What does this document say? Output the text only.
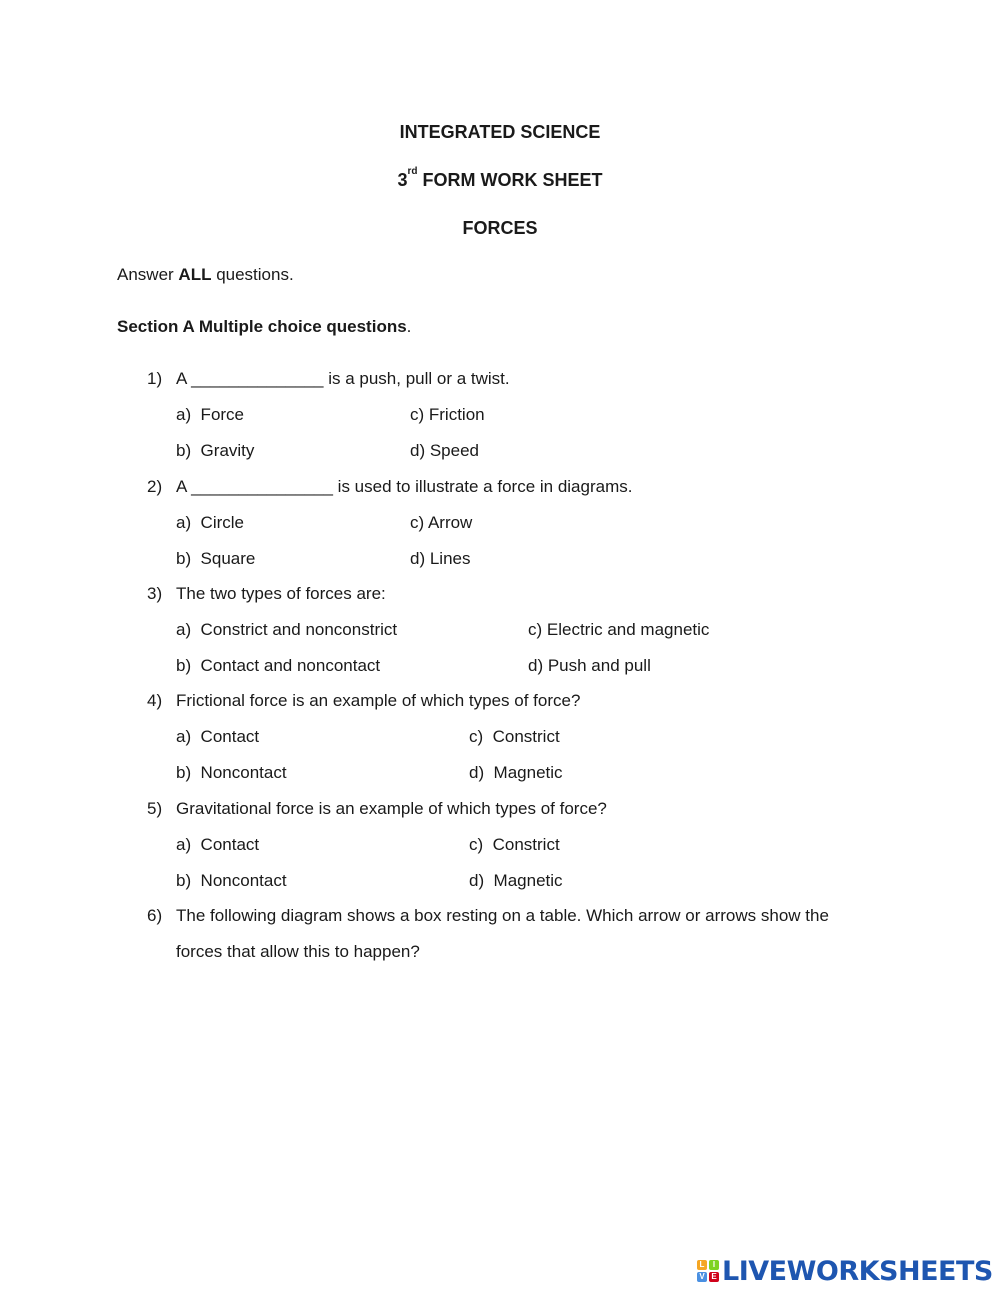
INTEGRATED SCIENCE
3rd FORM WORK SHEET
FORCES
Answer ALL questions.
Section A Multiple choice questions.
1) A ______________ is a push, pull or a twist.
a)  Force	c) Friction
b)  Gravity	d) Speed
2) A _______________ is used to illustrate a force in diagrams.
a)  Circle	c) Arrow
b)  Square	d) Lines
3) The two types of forces are:
a)  Constrict and nonconstrict	c) Electric and magnetic
b)  Contact and noncontact	d) Push and pull
4) Frictional force is an example of which types of force?
a)  Contact	c)  Constrict
b)  Noncontact	d)  Magnetic
5) Gravitational force is an example of which types of force?
a)  Contact	c)  Constrict
b)  Noncontact	d)  Magnetic
6) The following diagram shows a box resting on a table. Which arrow or arrows show the
forces that allow this to happen?
L	I
V E LIVEWORKSHEETS
